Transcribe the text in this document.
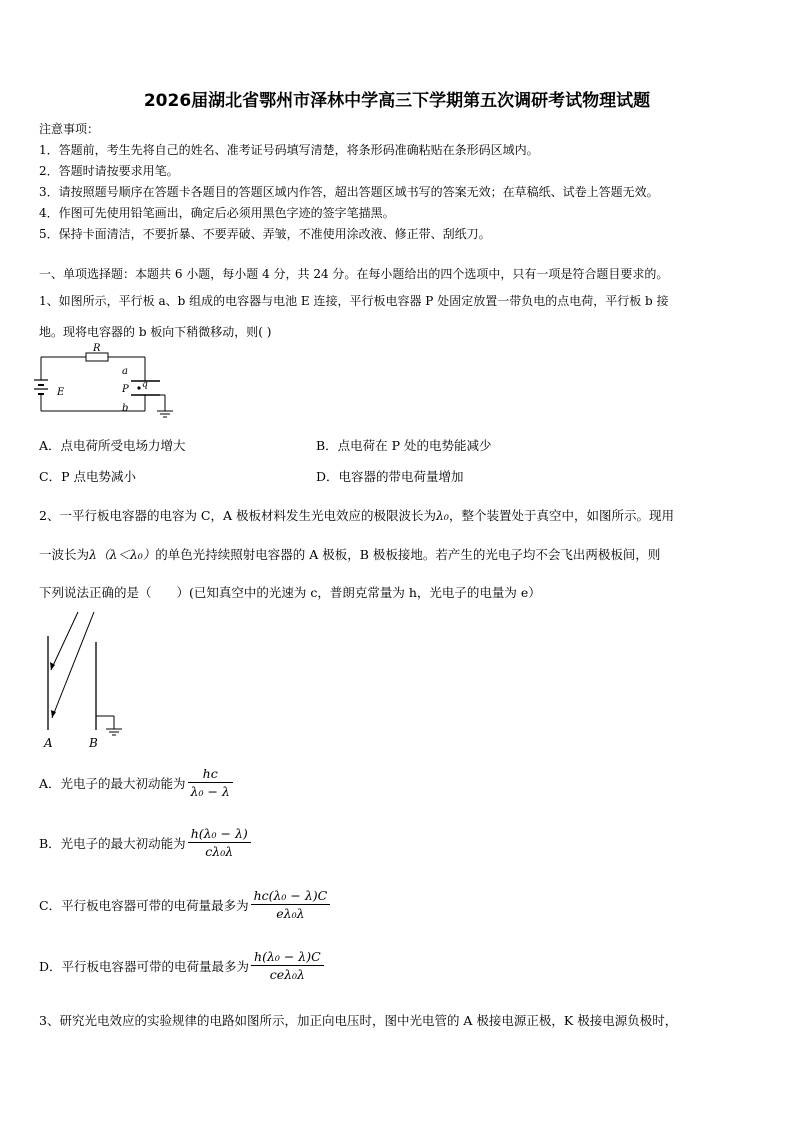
2026届湖北省鄂州市泽林中学高三下学期第五次调研考试物理试题
注意事项：
1．答题前，考生先将自己的姓名、准考证号码填写清楚，将条形码准确粘贴在条形码区域内。
2．答题时请按要求用笔。
3．请按照题号顺序在答题卡各题目的答题区域内作答，超出答题区域书写的答案无效；在草稿纸、试卷上答题无效。
4．作图可先使用铅笔画出，确定后必须用黑色字迹的签字笔描黑。
5．保持卡面清洁，不要折暴、不要弄破、弄皱，不准使用涂改液、修正带、刮纸刀。
一、单项选择题：本题共 6 小题，每小题 4 分，共 24 分。在每小题给出的四个选项中，只有一项是符合题目要求的。
1、如图所示，平行板 a、b 组成的电容器与电池 E 连接，平行板电容器 P 处固定放置一带负电的点电荷，平行板 b 接
地。现将电容器的 b 板向下稍微移动，则( )
R
E
a
P q
b
A．点电荷所受电场力增大	B．点电荷在 P 处的电势能减少
C．P 点电势减小	D．电容器的带电荷量增加
2、一平行板电容器的电容为 C，A 极板材料发生光电效应的极限波长为λ₀，整个装置处于真空中，如图所示。现用
一波长为λ（λ＜λ₀）的单色光持续照射电容器的 A 极板，B 极板接地。若产生的光电子均不会飞出两极板间，则
下列说法正确的是（　　）(已知真空中的光速为 c，普朗克常量为 h，光电子的电量为 e）
A	B
A．光电子的最大初动能为 $\frac{hc}{\text{λ₀ − λ}}$
B．光电子的最大初动能为 $\frac{\text{h(λ₀ − λ)}}{\text{cλ₀λ}}$
C．平行板电容器可带的电荷量最多为 $\frac{\text{hc(λ₀ − λ)C}}{\text{eλ₀λ}}$
D．平行板电容器可带的电荷量最多为 $\frac{\text{h(λ₀ − λ)C}}{\text{ceλ₀λ}}$
3、研究光电效应的实验规律的电路如图所示，加正向电压时，图中光电管的 A 极接电源正极，K 极接电源负极时，
